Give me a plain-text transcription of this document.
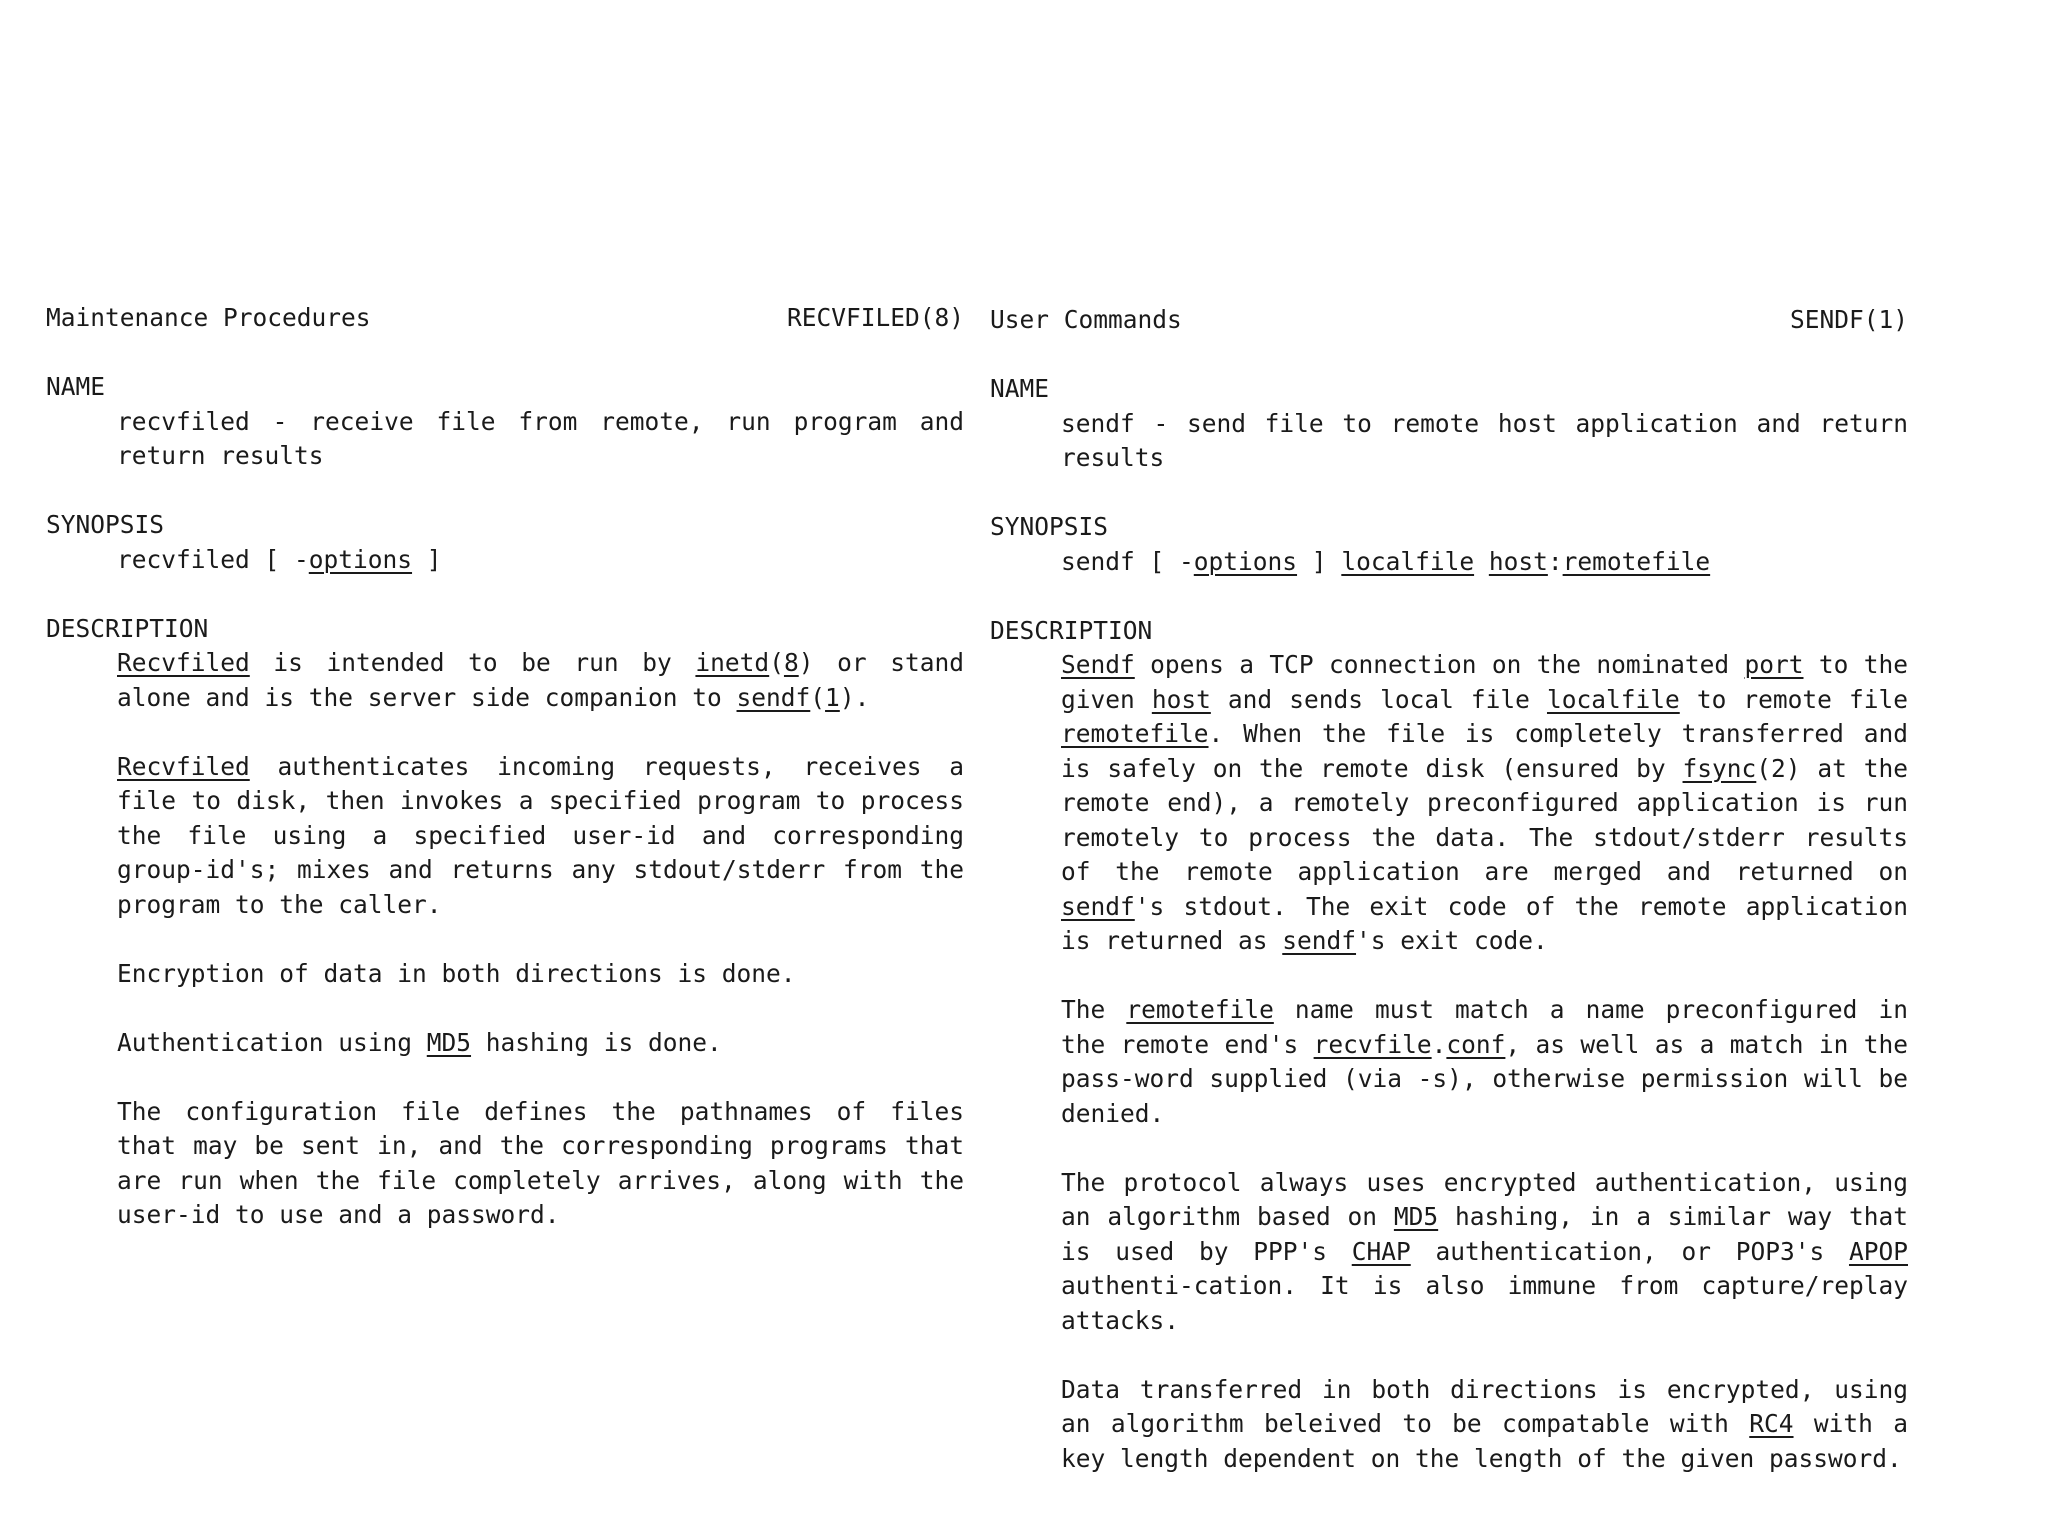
Maintenance Procedures	RECVFILED(8)
NAME

recvfiled - receive file from remote, run program and return results

SYNOPSIS

recvfiled [ -options ]

DESCRIPTION

Recvfiled is intended to be run by inetd(8) or stand alone and is the server side companion to sendf(1).

Recvfiled authenticates incoming requests, receives a file to disk, then invokes a specified program to process the file using a specified user-id and corresponding group-id's; mixes and returns any stdout/stderr from the program to the caller.

Encryption of data in both directions is done.

Authentication using MD5 hashing is done.

The configuration file defines the pathnames of files that may be sent in, and the corresponding programs that are run when the file completely arrives, along with the user-id to use and a password.

User Commands	SENDF(1)
NAME

sendf - send file to remote host application and return results

SYNOPSIS

sendf [ -options ] localfile host:remotefile

DESCRIPTION

Sendf opens a TCP connection on the nominated port to the given host and sends local file localfile to remote file remotefile. When the file is completely transferred and is safely on the remote disk (ensured by fsync(2) at the remote end), a remotely preconfigured application is run remotely to process the data. The stdout/stderr results of the remote application are merged and returned on sendf's stdout. The exit code of the remote application is returned as sendf's exit code.

The remotefile name must match a name preconfigured in the remote end's recvfile.conf, as well as a match in the pass-word supplied (via -s), otherwise permission will be denied.

The protocol always uses encrypted authentication, using an algorithm based on MD5 hashing, in a similar way that is used by PPP's CHAP authentication, or POP3's APOP authenti-cation. It is also immune from capture/replay attacks.

Data transferred in both directions is encrypted, using an algorithm beleived to be compatable with RC4 with a key length dependent on the length of the given password.
